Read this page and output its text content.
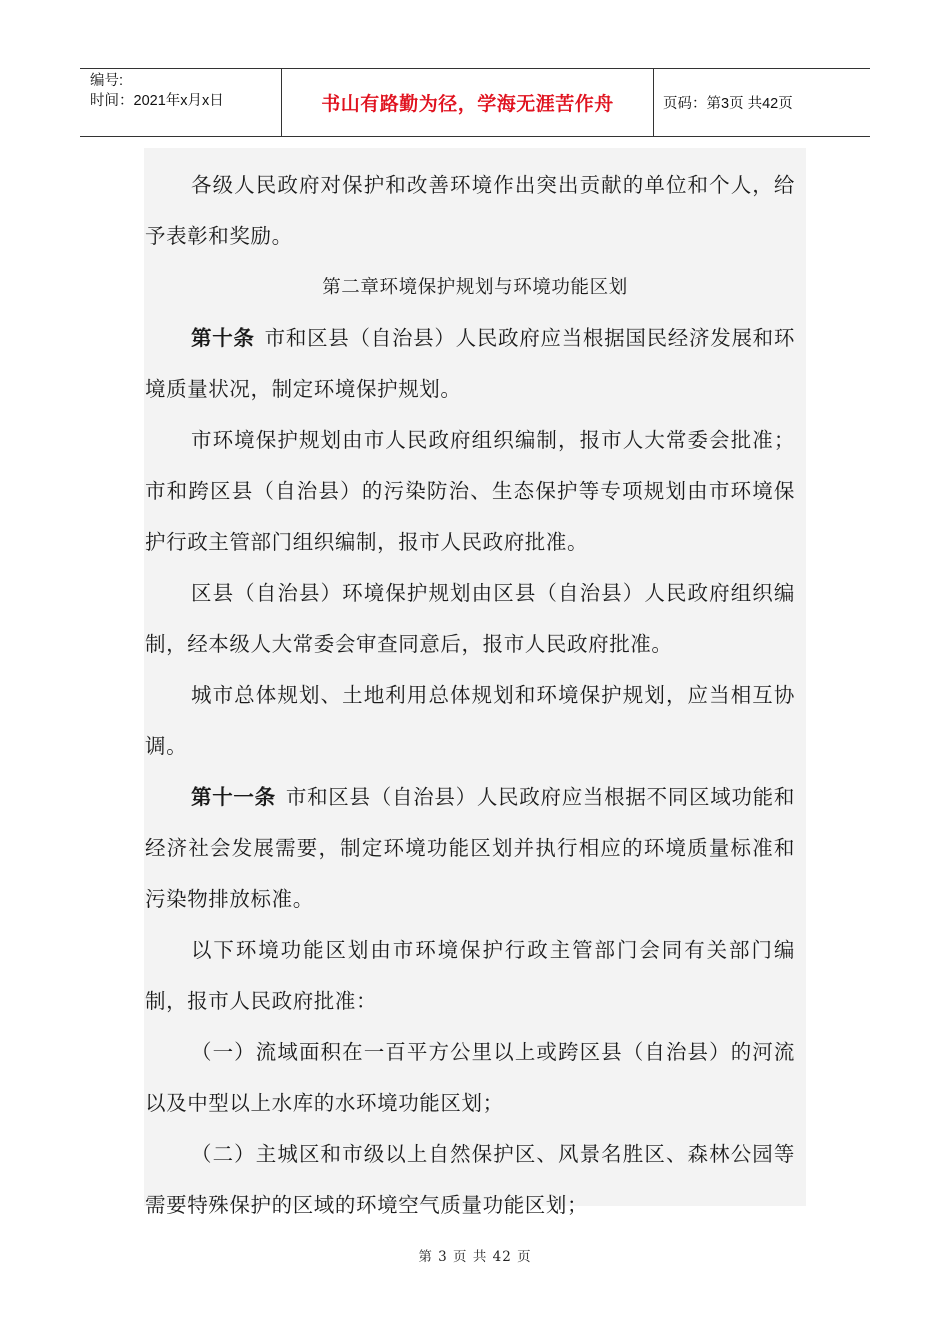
编号:
时间：2021年x月x日	书山有路勤为径，学海无涯苦作舟	页码：第3页 共42页

各级人民政府对保护和改善环境作出突出贡献的单位和个人，给予表彰和奖励。

第二章环境保护规划与环境功能区划

第十条 市和区县（自治县）人民政府应当根据国民经济发展和环境质量状况，制定环境保护规划。

市环境保护规划由市人民政府组织编制，报市人大常委会批准；市和跨区县（自治县）的污染防治、生态保护等专项规划由市环境保护行政主管部门组织编制，报市人民政府批准。

区县（自治县）环境保护规划由区县（自治县）人民政府组织编制，经本级人大常委会审查同意后，报市人民政府批准。

城市总体规划、土地利用总体规划和环境保护规划，应当相互协调。

第十一条 市和区县（自治县）人民政府应当根据不同区域功能和经济社会发展需要，制定环境功能区划并执行相应的环境质量标准和污染物排放标准。

以下环境功能区划由市环境保护行政主管部门会同有关部门编制，报市人民政府批准：

（一）流域面积在一百平方公里以上或跨区县（自治县）的河流以及中型以上水库的水环境功能区划；

（二）主城区和市级以上自然保护区、风景名胜区、森林公园等需要特殊保护的区域的环境空气质量功能区划；

第 3 页 共 42 页
